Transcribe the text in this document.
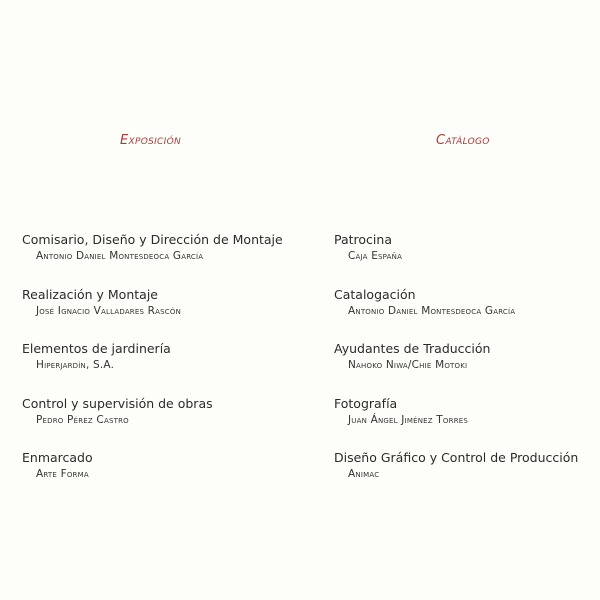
Exposición
Comisario, Diseño y Dirección de Montaje
Antonio Daniel Montesdeoca García
Realización y Montaje
José Ignacio Valladares Rascón
Elementos de jardinería
Hiperjardín, S.A.
Control y supervisión de obras
Pedro Pérez Castro
Enmarcado
Arte Forma
Catálogo
Patrocina
Caja España
Catalogación
Antonio Daniel Montesdeoca García
Ayudantes de Traducción
Nahoko Niwa/Chie Motoki
Fotografía
Juan Ángel Jiménez Torres
Diseño Gráfico y Control de Producción
Animac
